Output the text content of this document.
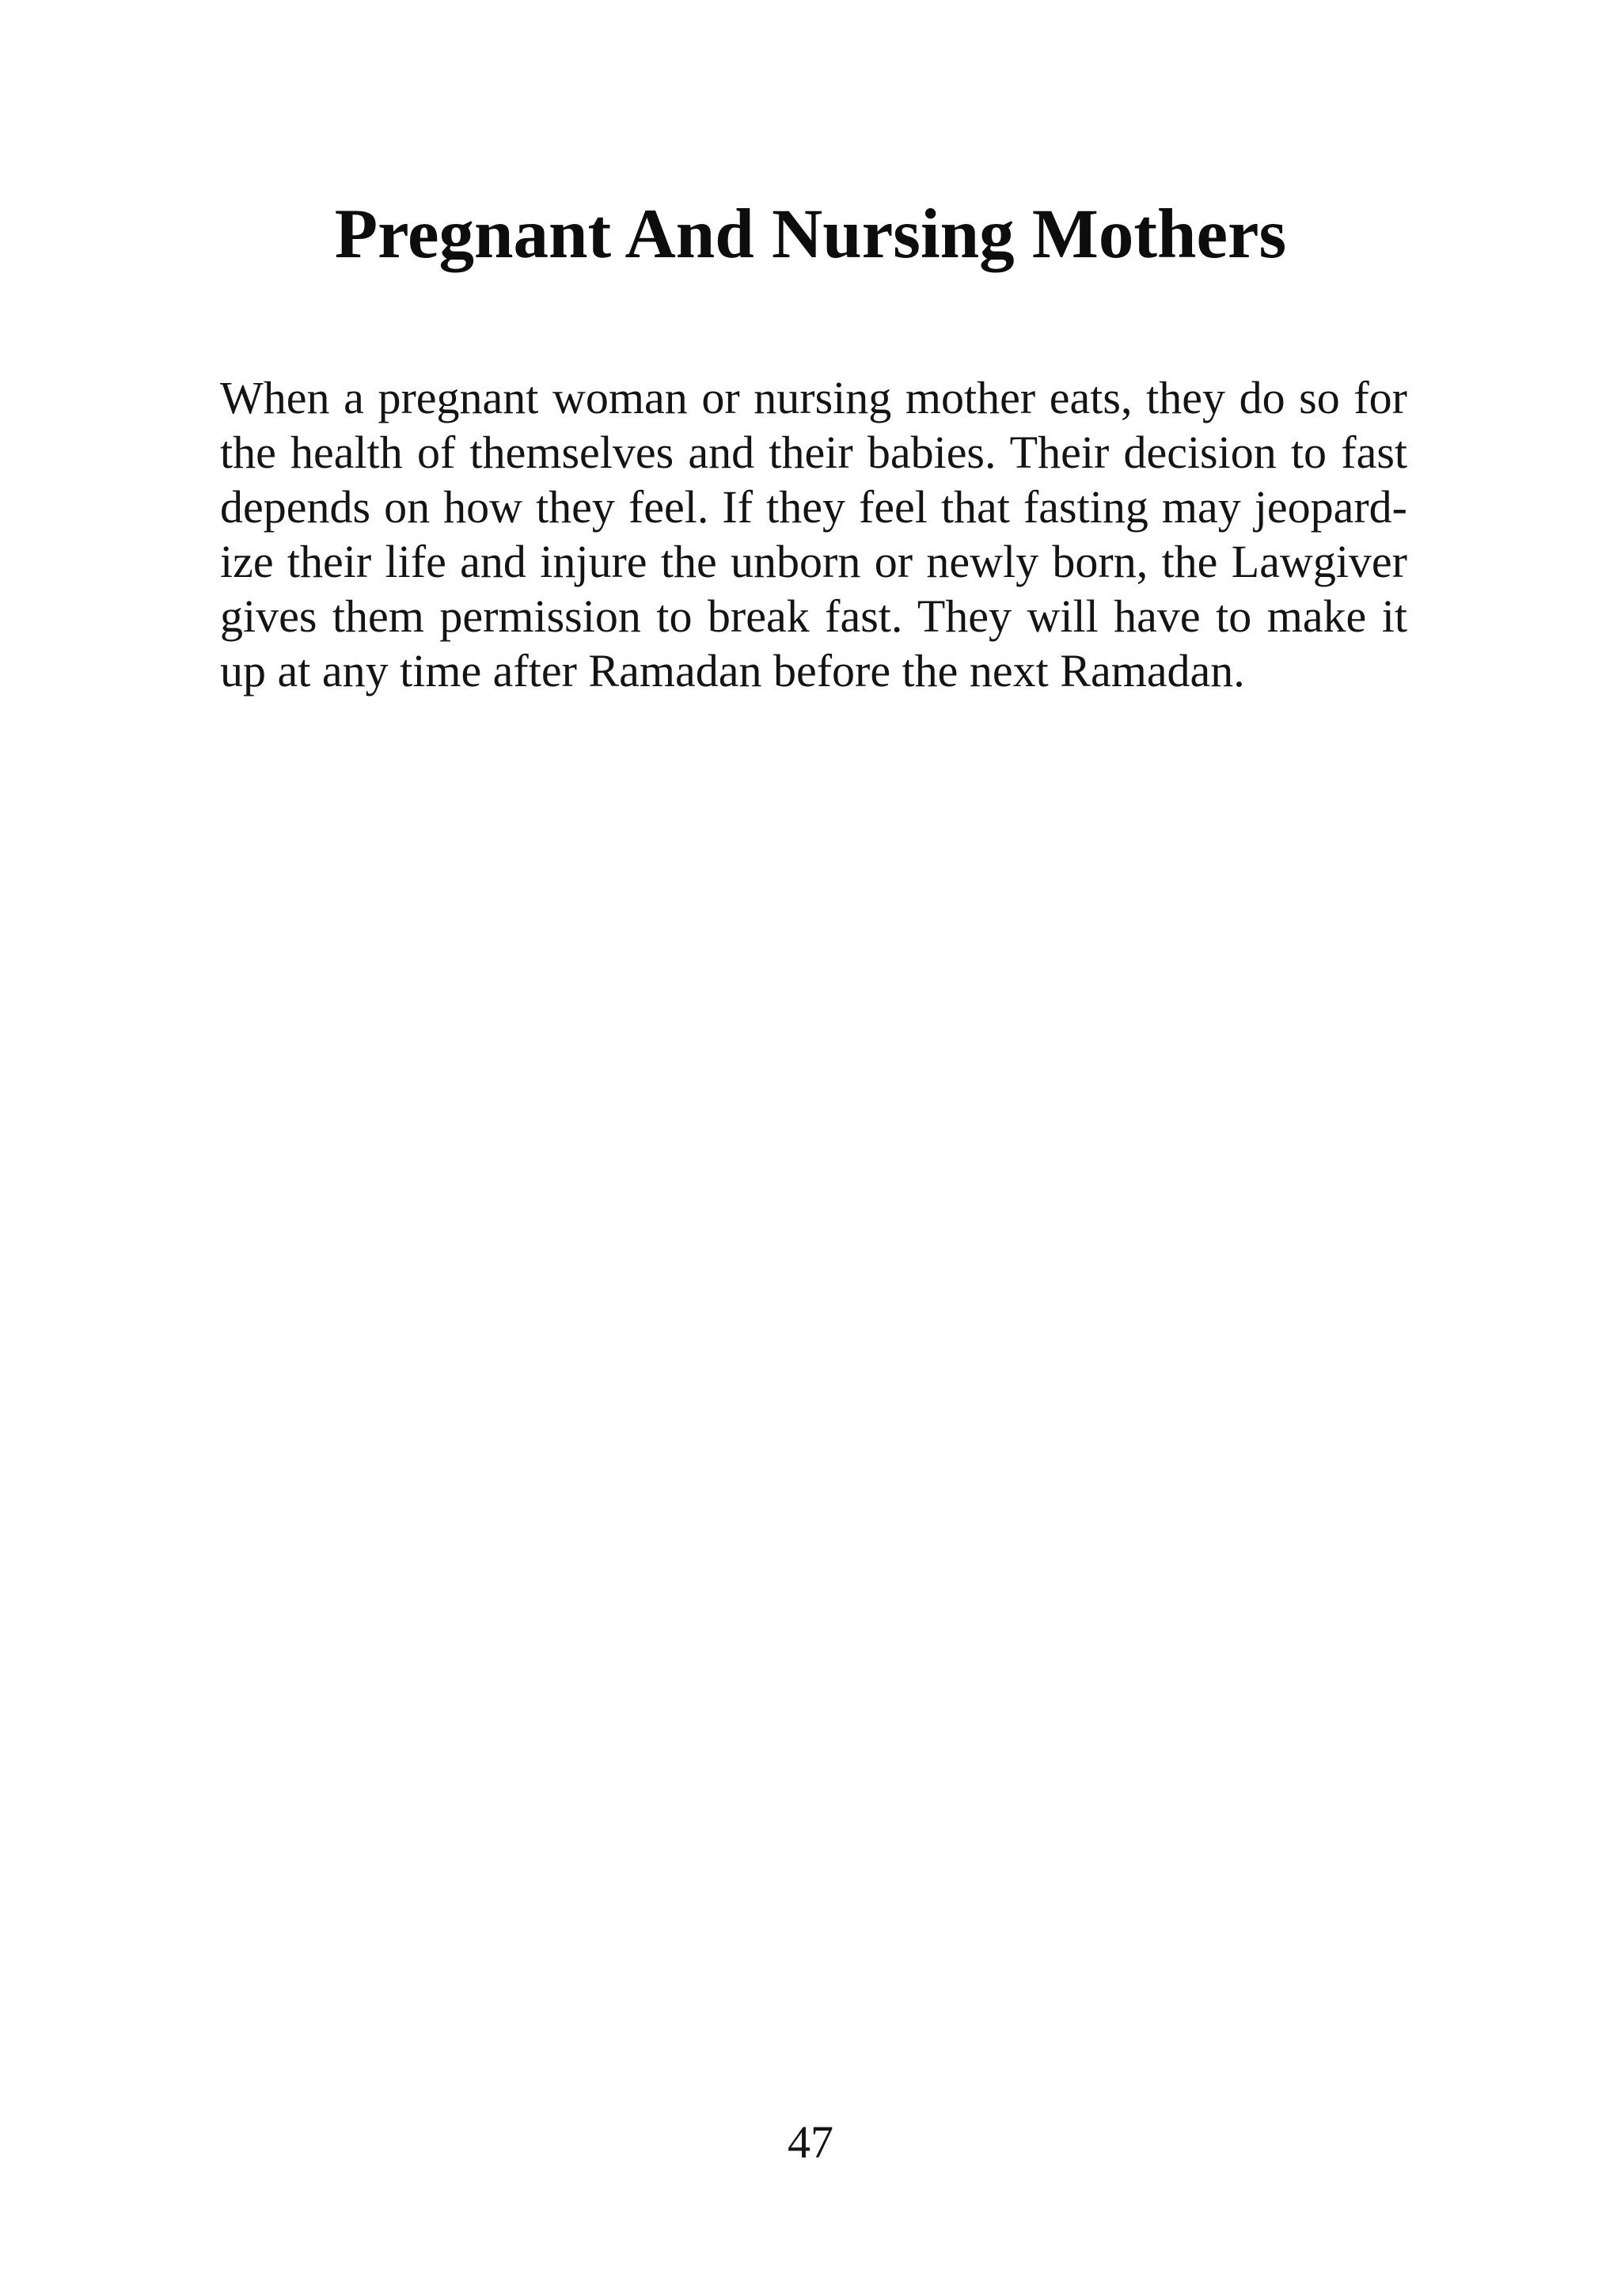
Pregnant And Nursing Mothers
When a pregnant woman or nursing mother eats, they do so for
the health of themselves and their babies. Their decision to fast
depends on how they feel. If they feel that fasting may jeopard-
ize their life and injure the unborn or newly born, the Lawgiver
gives them permission to break fast. They will have to make it
up at any time after Ramadan before the next Ramadan.
47
